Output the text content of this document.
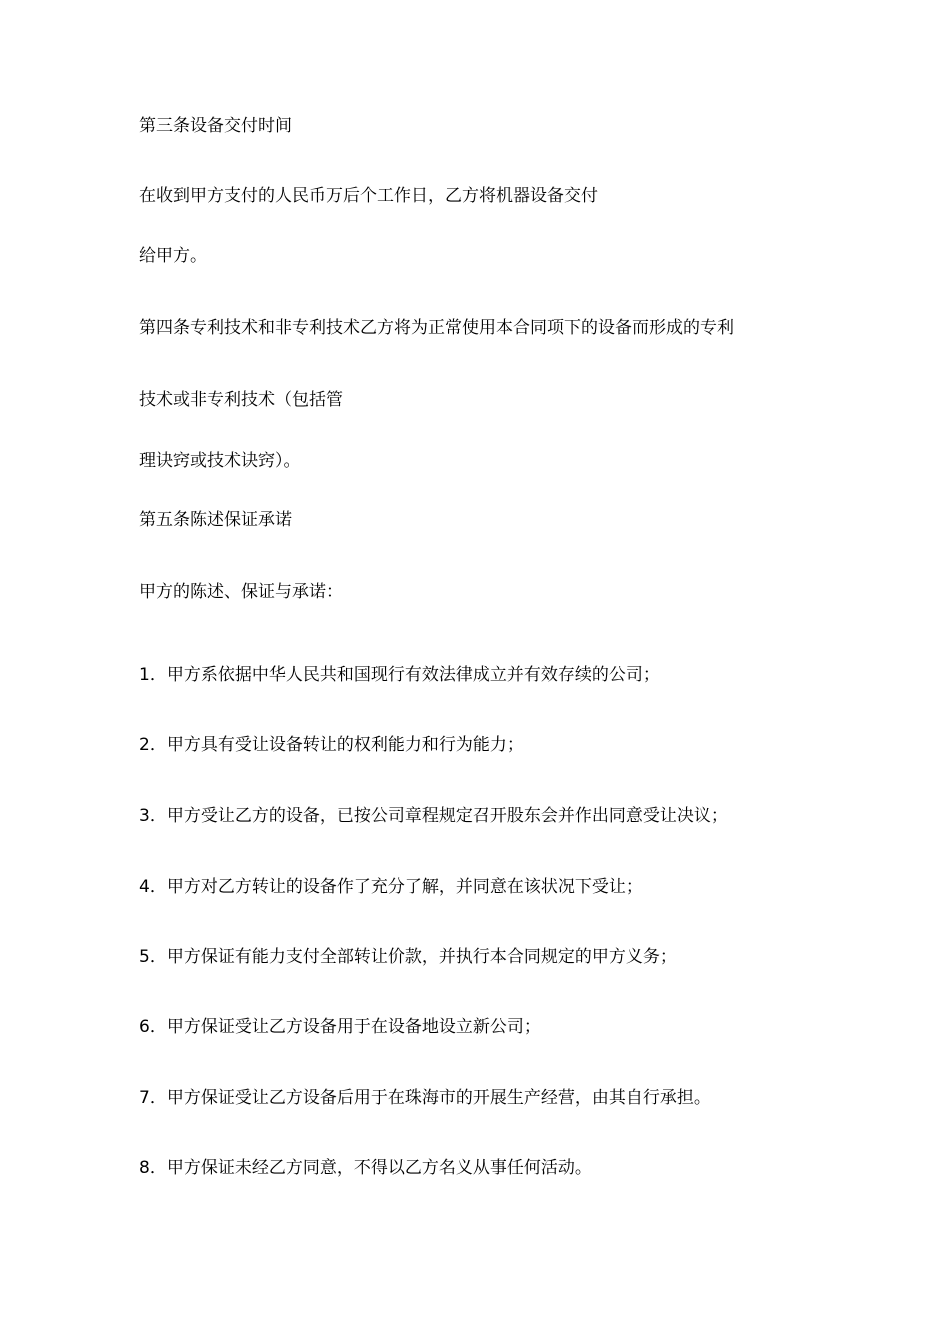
第三条设备交付时间

在收到甲方支付的人民币万后个工作日，乙方将机器设备交付

给甲方。

第四条专利技术和非专利技术乙方将为正常使用本合同项下的设备而形成的专利

技术或非专利技术（包括管

理诀窍或技术诀窍）。

第五条陈述保证承诺

甲方的陈述、保证与承诺：

1．甲方系依据中华人民共和国现行有效法律成立并有效存续的公司；

2．甲方具有受让设备转让的权利能力和行为能力；

3．甲方受让乙方的设备，已按公司章程规定召开股东会并作出同意受让决议；

4．甲方对乙方转让的设备作了充分了解，并同意在该状况下受让；

5．甲方保证有能力支付全部转让价款，并执行本合同规定的甲方义务；

6．甲方保证受让乙方设备用于在设备地设立新公司；

7．甲方保证受让乙方设备后用于在珠海市的开展生产经营，由其自行承担。

8．甲方保证未经乙方同意，不得以乙方名义从事任何活动。
